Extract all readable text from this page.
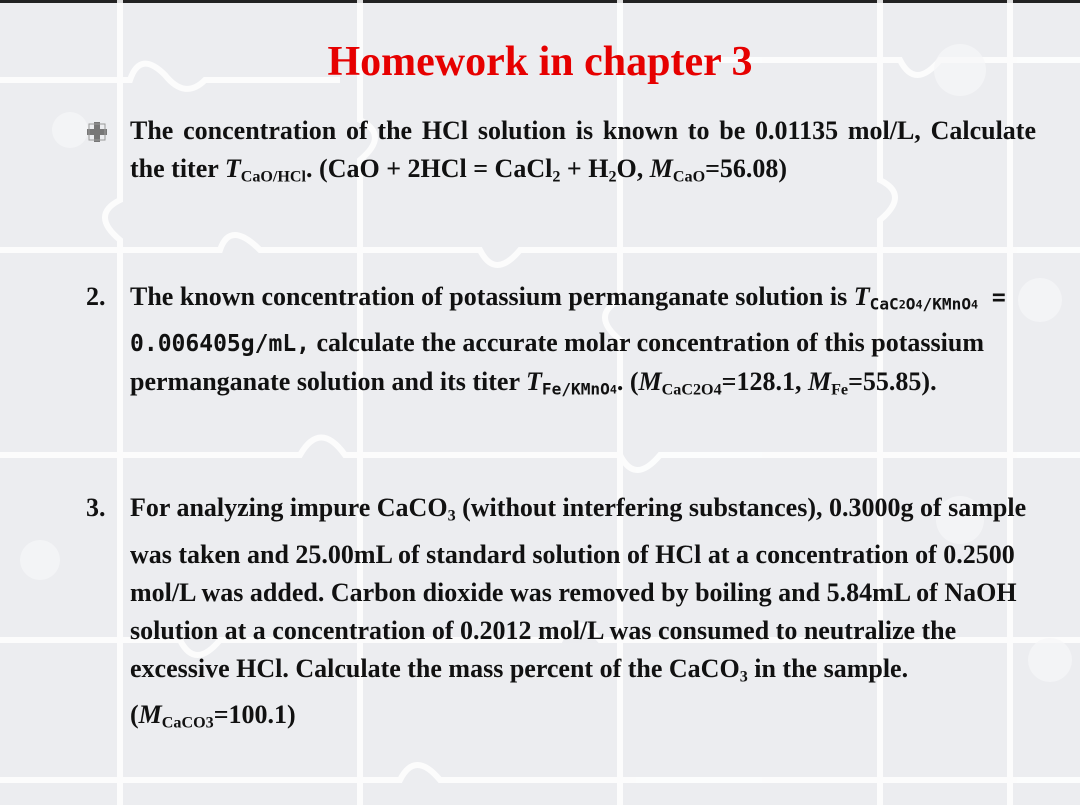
Homework in chapter 3
The concentration of the HCl solution is known to be 0.01135 mol/L, Calculate the titer $T_{CaO/HCl}$. (CaO + 2HCl = CaCl$_2$ + $H_2O$, $M_{CaO}=56.08$)
2. The known concentration of potassium permanganate solution is TCaC2O4/KMnO4 = 0.006405g/mL, calculate the accurate molar concentration of this potassium permanganate solution and its titer TFe/KMnO4. ($M_{CaC2O4}=128.1$, $M_{Fe}=55.85$).
3. For analyzing impure CaCO$_3$ (without interfering substances), 0.3000g of sample was taken and 25.00mL of standard solution of HCl at a concentration of 0.2500 mol/L was added. Carbon dioxide was removed by boiling and 5.84mL of NaOH solution at a concentration of 0.2012 mol/L was consumed to neutralize the excessive HCl. Calculate the mass percent of the CaCO$_3$ in the sample. $(M_{CaCO3}=100.1)$
